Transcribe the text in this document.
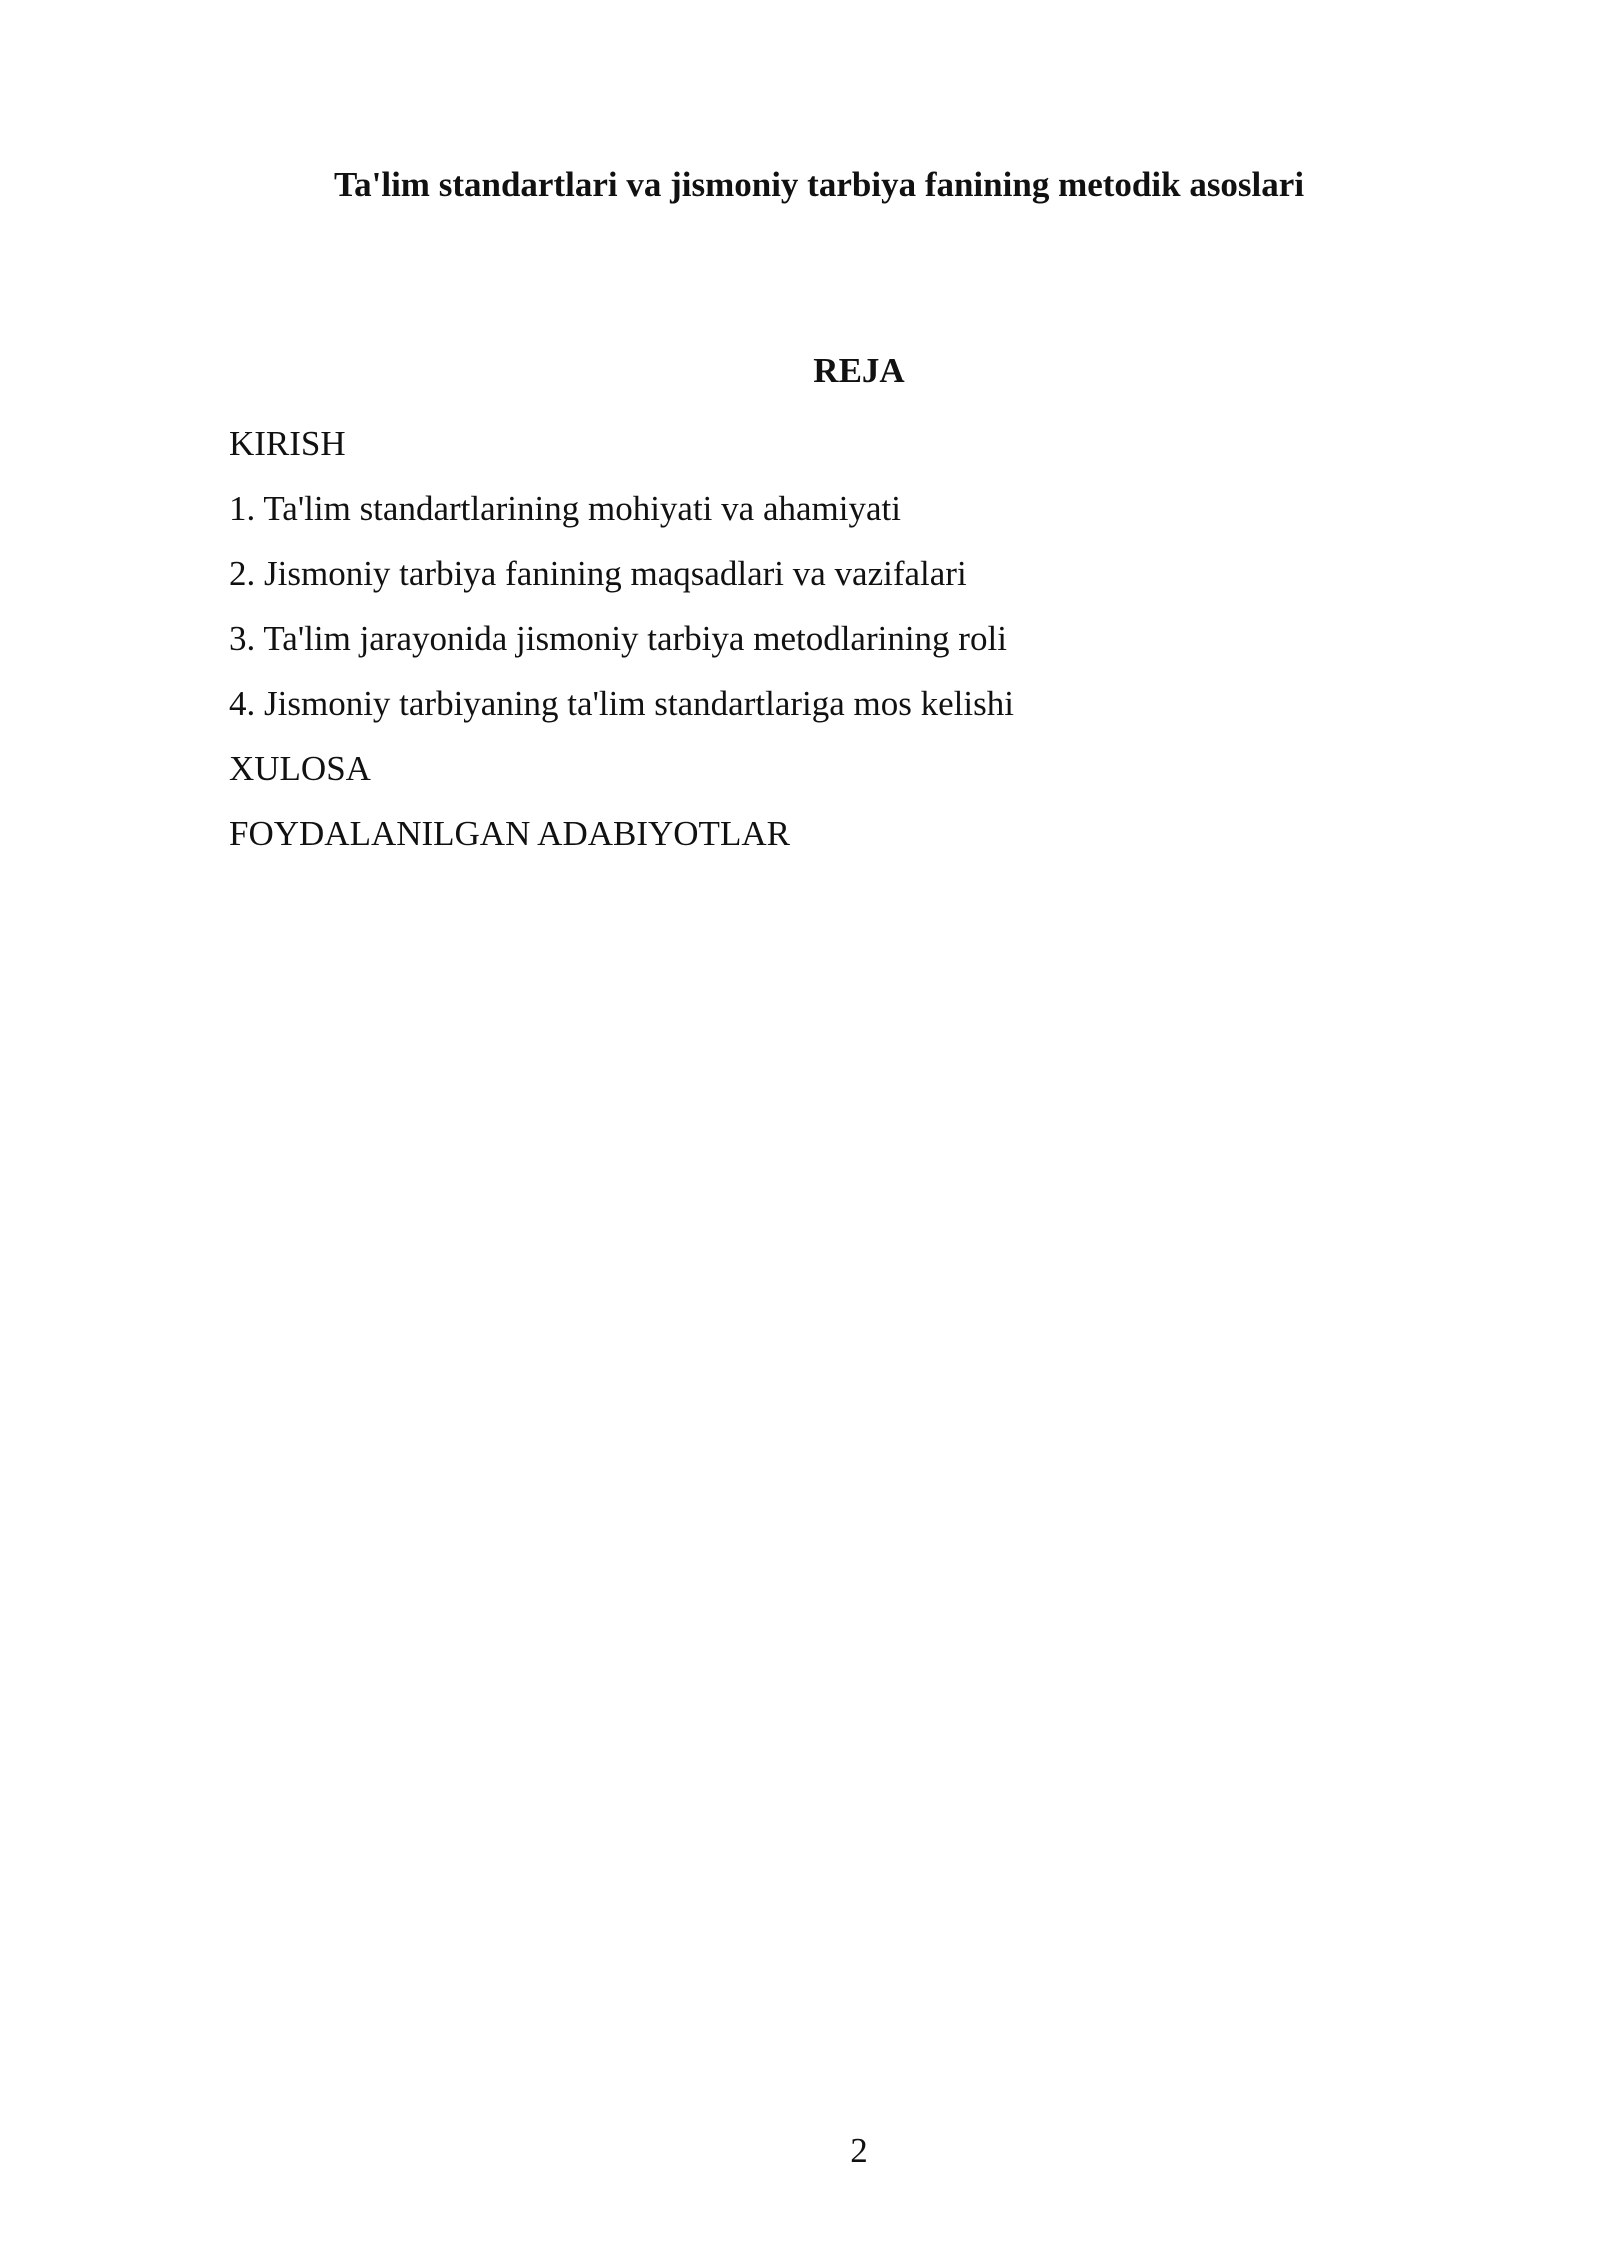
Ta'lim standartlari va jismoniy tarbiya fanining metodik asoslari
REJA
KIRISH
1. Ta'lim standartlarining mohiyati va ahamiyati
2. Jismoniy tarbiya fanining maqsadlari va vazifalari
3. Ta'lim jarayonida jismoniy tarbiya metodlarining roli
4. Jismoniy tarbiyaning ta'lim standartlariga mos kelishi
XULOSA
FOYDALANILGAN ADABIYOTLAR
2
